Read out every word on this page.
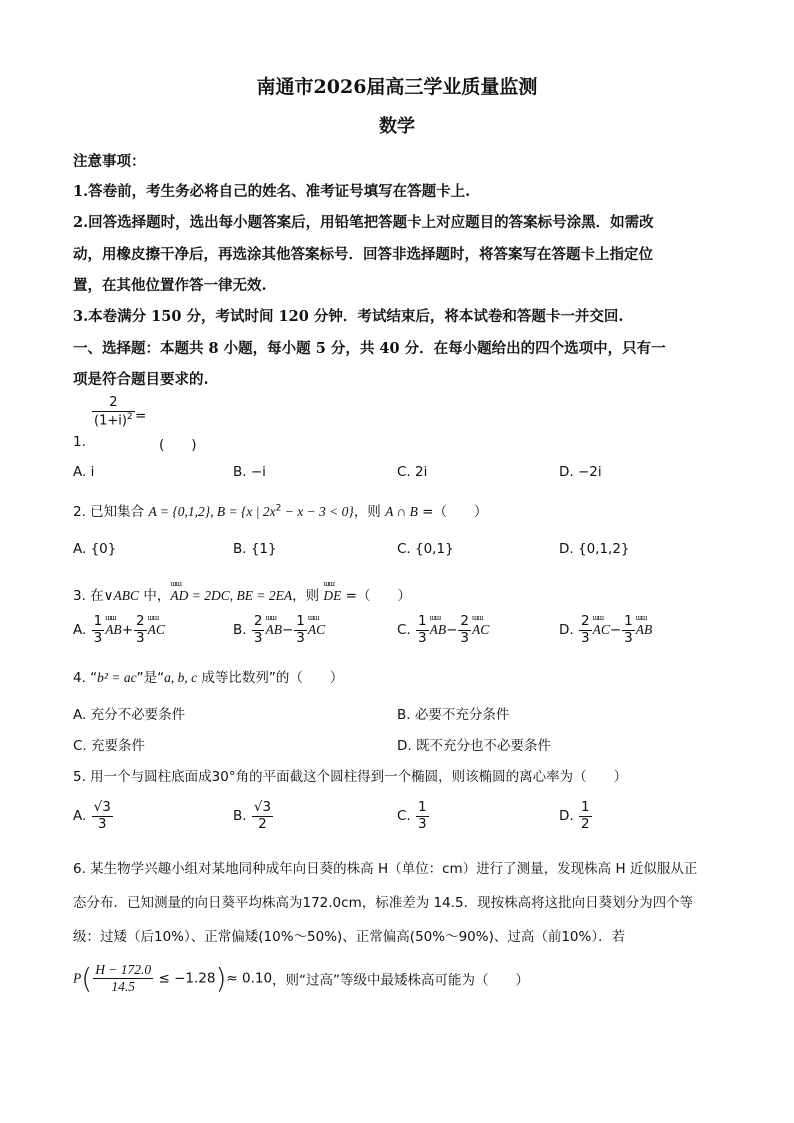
南通市2026届高三学业质量监测
数学
注意事项：
1.答卷前，考生务必将自己的姓名、准考证号填写在答题卡上.
2.回答选择题时，选出每小题答案后，用铅笔把答题卡上对应题目的答案标号涂黑．如需改
动，用橡皮擦干净后，再选涂其他答案标号．回答非选择题时，将答案写在答题卡上指定位
置，在其他位置作答一律无效.
3.本卷满分 150 分，考试时间 120 分钟．考试结束后，将本试卷和答题卡一并交回.
一、选择题：本题共 8 小题，每小题 5 分，共 40 分．在每小题给出的四个选项中，只有一
项是符合题目要求的.
1.
$\frac{2}{(1+i)^2}$ =
(　　)
A. i	B. −i	C. 2i	D. −2i
2. 已知集合 A = {0,1,2}, B = {x | $2x^2 - x - 3 < 0$}，则 A ∩ B =（　　）
A. {0}	B. {1}	C. {0,1}	D. {0,1,2}
3. 在∨ABC 中，ɯɯ AD = 2DC, BE = 2EA，则 ɯɯ DE =（　　）
A. $\frac{1}{3}$ ɯɯ $AB+ \frac{2}{3}$ ɯɯ AC	B. $\frac{2}{3}$ ɯɯ $AB- \frac{1}{3}$ ɯɯ AC	C. $\frac{1}{3}$ ɯɯ $AB- \frac{2}{3}$ ɯɯ AC	D. $\frac{2}{3}$ ɯɯ $AC- \frac{1}{3}$ ɯɯ AB
4. “b² = ac”是“a, b, c 成等比数列”的（　　）
A. 充分不必要条件	B. 必要不充分条件
C. 充要条件	D. 既不充分也不必要条件
5. 用一个与圆柱底面成30°角的平面截这个圆柱得到一个椭圆，则该椭圆的离心率为（　　）
A. $\frac{√3}{3}$	B. $\frac{√3}{2}$	C. $\frac{1}{3}$	D. $\frac{1}{2}$
6. 某生物学兴趣小组对某地同种成年向日葵的株高 H（单位：cm）进行了测量，发现株高 H 近似服从正
态分布．已知测量的向日葵平均株高为172.0cm，标准差为 14.5．现按株高将这批向日葵划分为四个等
级：过矮（后10%）、正常偏矮(10%～50%)、正常偏高(50%～90%)、过高（前10%）．若
$P( \frac{H - 172.0}{14.5} \le -1.28)\approx 0.10$，则“过高”等级中最矮株高可能为（　　）
